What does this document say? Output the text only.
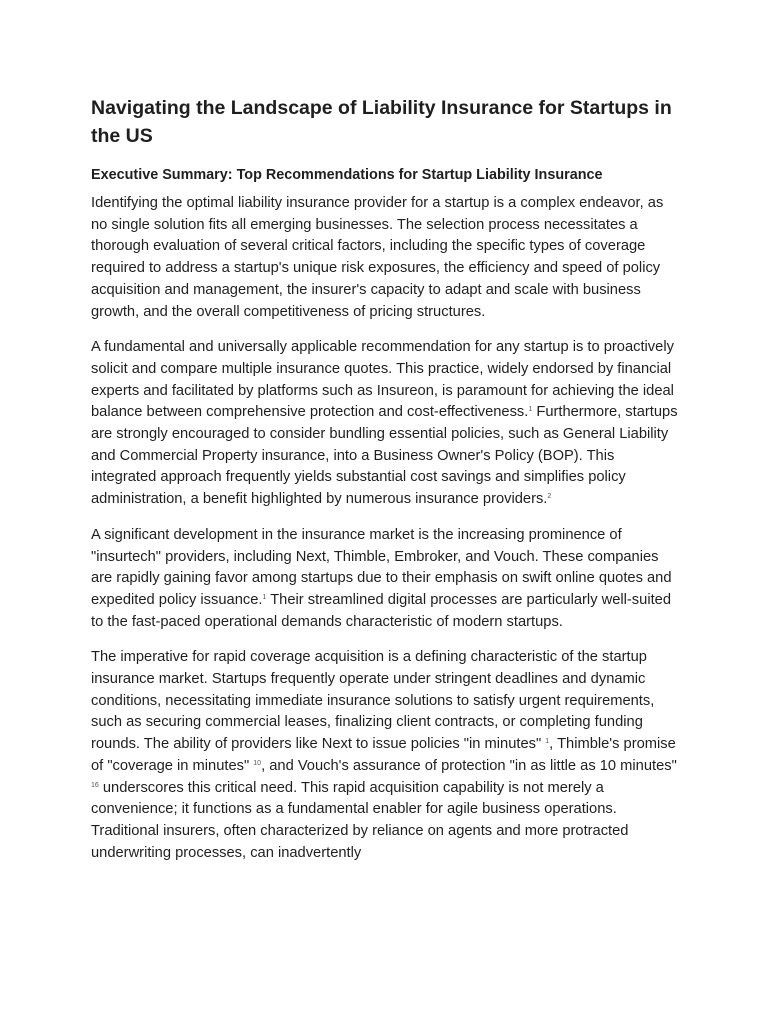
Navigating the Landscape of Liability Insurance for Startups in the US
Executive Summary: Top Recommendations for Startup Liability Insurance

Identifying the optimal liability insurance provider for a startup is a complex endeavor, as no single solution fits all emerging businesses. The selection process necessitates a thorough evaluation of several critical factors, including the specific types of coverage required to address a startup's unique risk exposures, the efficiency and speed of policy acquisition and management, the insurer's capacity to adapt and scale with business growth, and the overall competitiveness of pricing structures.

A fundamental and universally applicable recommendation for any startup is to proactively solicit and compare multiple insurance quotes. This practice, widely endorsed by financial experts and facilitated by platforms such as Insureon, is paramount for achieving the ideal balance between comprehensive protection and cost-effectiveness.$^1$ Furthermore, startups are strongly encouraged to consider bundling essential policies, such as General Liability and Commercial Property insurance, into a Business Owner's Policy (BOP). This integrated approach frequently yields substantial cost savings and simplifies policy administration, a benefit highlighted by numerous insurance providers.$^2$

A significant development in the insurance market is the increasing prominence of "insurtech" providers, including Next, Thimble, Embroker, and Vouch. These companies are rapidly gaining favor among startups due to their emphasis on swift online quotes and expedited policy issuance.$^1$ Their streamlined digital processes are particularly well-suited to the fast-paced operational demands characteristic of modern startups.

The imperative for rapid coverage acquisition is a defining characteristic of the startup insurance market. Startups frequently operate under stringent deadlines and dynamic conditions, necessitating immediate insurance solutions to satisfy urgent requirements, such as securing commercial leases, finalizing client contracts, or completing funding rounds. The ability of providers like Next to issue policies "in minutes" $^1$, Thimble's promise of "coverage in minutes" $^{10}$, and Vouch's assurance of protection "in as little as 10 minutes" $^{16}$ underscores this critical need. This rapid acquisition capability is not merely a convenience; it functions as a fundamental enabler for agile business operations. Traditional insurers, often characterized by reliance on agents and more protracted underwriting processes, can inadvertently
